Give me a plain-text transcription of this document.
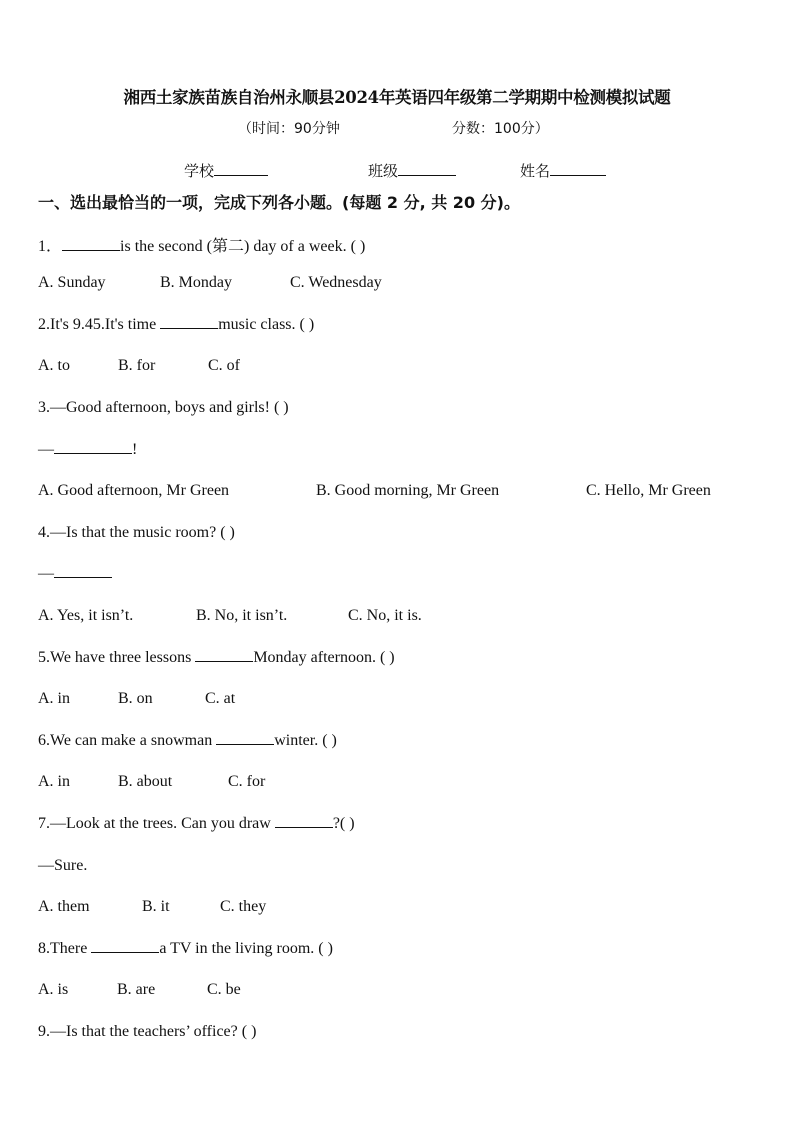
湘西土家族苗族自治州永顺县2024年英语四年级第二学期期中检测模拟试题
（时间：90分钟	分数：100分）
学校	班级	姓名
一、选出最恰当的一项，完成下列各小题。(每题 2 分, 共 20 分)。
1．	is the second (第二) day of a week. ( )
A. Sunday	B. Monday	C. Wednesday
2.It's 9.45.It's time	music class. ( )
A. to	B. for	C. of
3.—Good afternoon, boys and girls! ( )
—	!
A. Good afternoon, Mr Green	B. Good morning, Mr Green	C. Hello, Mr Green
4.—Is that the music room? ( )
—
A. Yes, it isn’t.	B. No, it isn’t.	C. No, it is.
5.We have three lessons	Monday afternoon. ( )
A. in	B. on	C. at
6.We can make a snowman	winter. ( )
A. in	B. about	C. for
7.—Look at the trees. Can you draw	?( )
—Sure.
A. them	B. it	C. they
8.There	a TV in the living room. ( )
A. is	B. are	C. be
9.—Is that the teachers’ office? ( )
